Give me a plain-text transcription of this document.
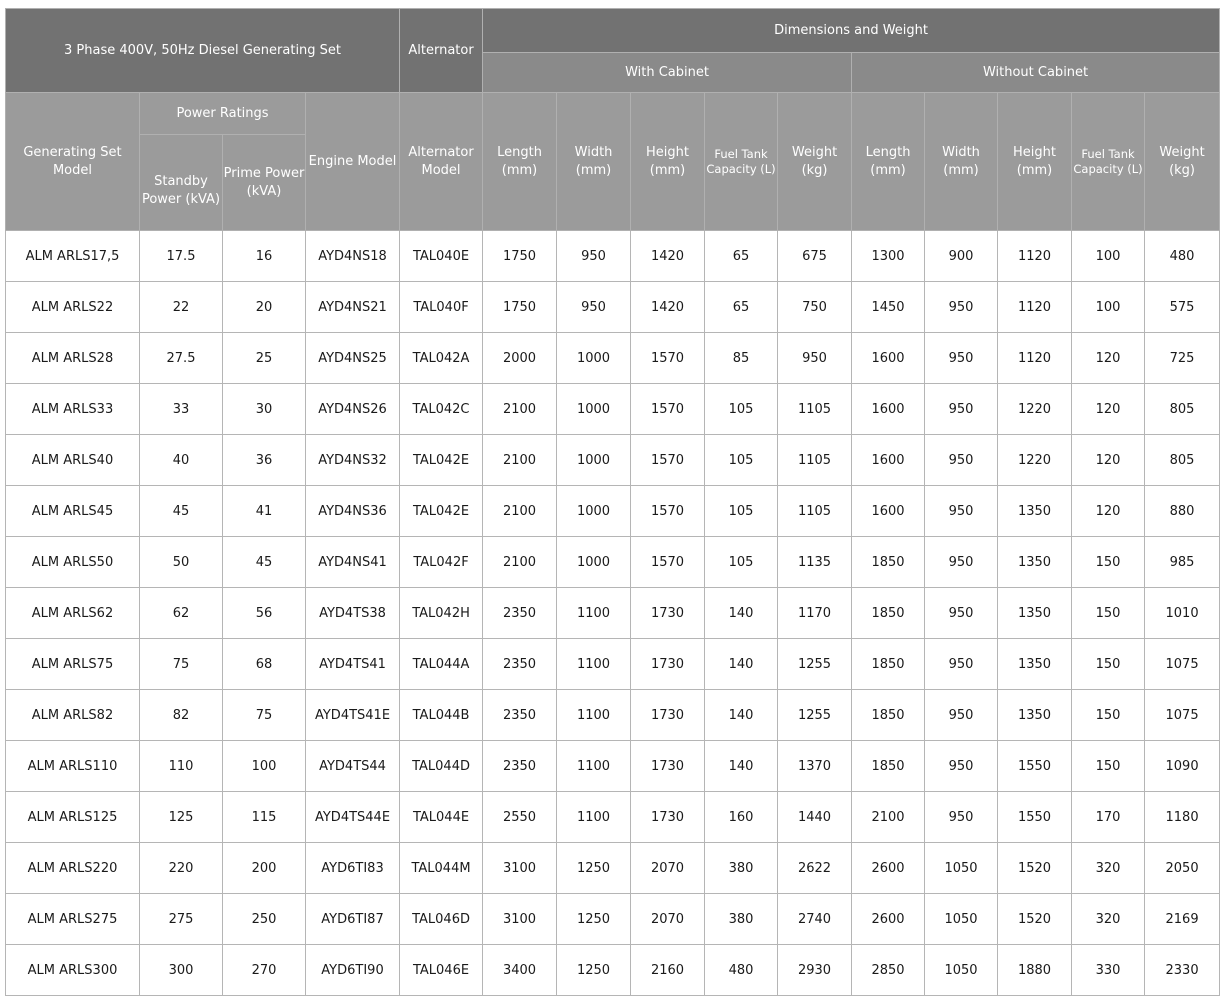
3 Phase 400V, 50Hz Diesel Generating Set				Alternator	Dimensions and Weight									
					With Cabinet					Without Cabinet				
Generating Set Model	Power Ratings		Engine Model	Alternator Model	Length (mm)	Width (mm)	Height (mm)	Fuel Tank Capacity (L)	Weight (kg)	Length (mm)	Width (mm)	Height (mm)	Fuel Tank Capacity (L)	Weight (kg)
	Standby Power (kVA)	Prime Power (kVA)												
ALM ARLS17,5	17.5	16	AYD4NS18	TAL040E	1750	950	1420	65	675	1300	900	1120	100	480
ALM ARLS22	22	20	AYD4NS21	TAL040F	1750	950	1420	65	750	1450	950	1120	100	575
ALM ARLS28	27.5	25	AYD4NS25	TAL042A	2000	1000	1570	85	950	1600	950	1120	120	725
ALM ARLS33	33	30	AYD4NS26	TAL042C	2100	1000	1570	105	1105	1600	950	1220	120	805
ALM ARLS40	40	36	AYD4NS32	TAL042E	2100	1000	1570	105	1105	1600	950	1220	120	805
ALM ARLS45	45	41	AYD4NS36	TAL042E	2100	1000	1570	105	1105	1600	950	1350	120	880
ALM ARLS50	50	45	AYD4NS41	TAL042F	2100	1000	1570	105	1135	1850	950	1350	150	985
ALM ARLS62	62	56	AYD4TS38	TAL042H	2350	1100	1730	140	1170	1850	950	1350	150	1010
ALM ARLS75	75	68	AYD4TS41	TAL044A	2350	1100	1730	140	1255	1850	950	1350	150	1075
ALM ARLS82	82	75	AYD4TS41E	TAL044B	2350	1100	1730	140	1255	1850	950	1350	150	1075
ALM ARLS110	110	100	AYD4TS44	TAL044D	2350	1100	1730	140	1370	1850	950	1550	150	1090
ALM ARLS125	125	115	AYD4TS44E	TAL044E	2550	1100	1730	160	1440	2100	950	1550	170	1180
ALM ARLS220	220	200	AYD6TI83	TAL044M	3100	1250	2070	380	2622	2600	1050	1520	320	2050
ALM ARLS275	275	250	AYD6TI87	TAL046D	3100	1250	2070	380	2740	2600	1050	1520	320	2169
ALM ARLS300	300	270	AYD6TI90	TAL046E	3400	1250	2160	480	2930	2850	1050	1880	330	2330
